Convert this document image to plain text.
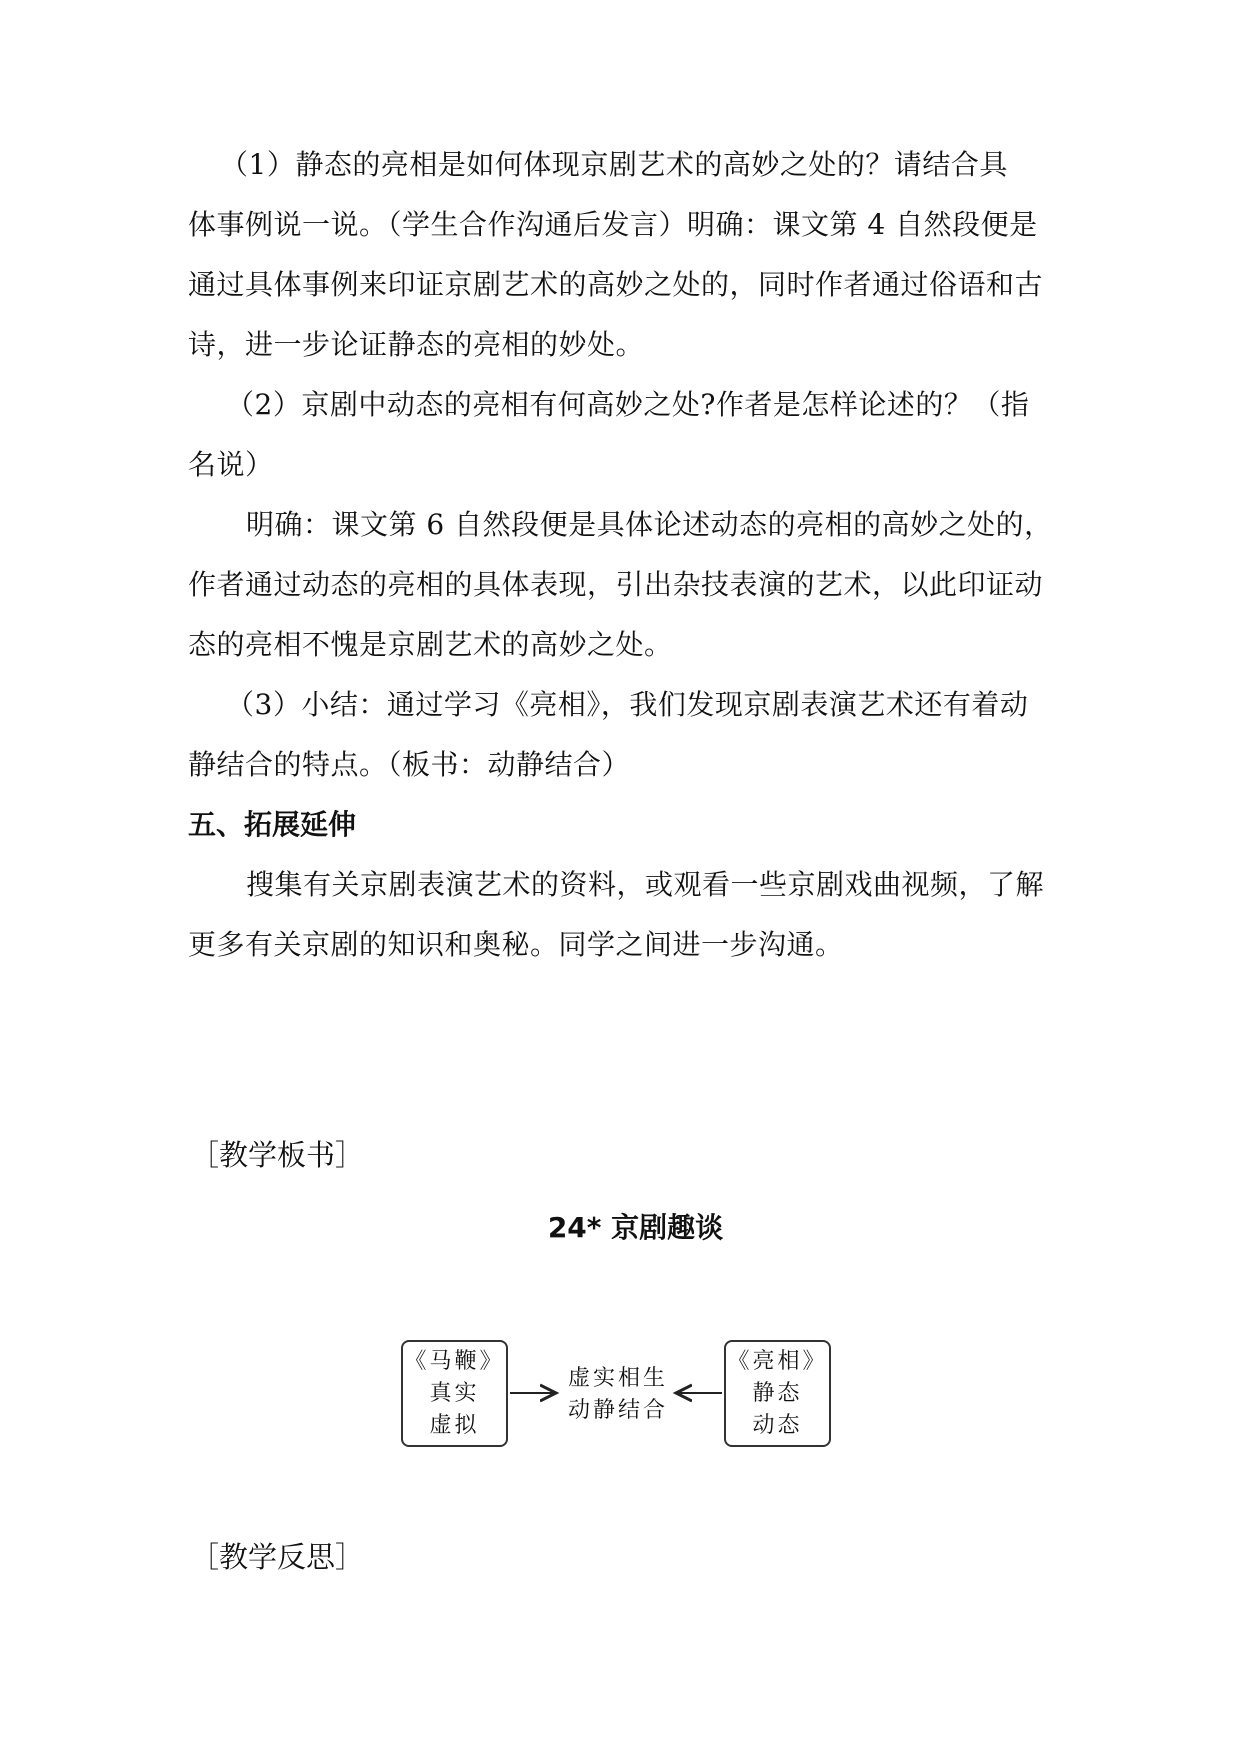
（1）静态的亮相是如何体现京剧艺术的高妙之处的？请结合具
体事例说一说。（学生合作沟通后发言）明确：课文第 4 自然段便是
通过具体事例来印证京剧艺术的高妙之处的，同时作者通过俗语和古
诗，进一步论证静态的亮相的妙处。
（2）京剧中动态的亮相有何高妙之处?作者是怎样论述的？（指
名说）
明确：课文第 6 自然段便是具体论述动态的亮相的高妙之处的，
作者通过动态的亮相的具体表现，引出杂技表演的艺术，以此印证动
态的亮相不愧是京剧艺术的高妙之处。
（3）小结：通过学习《亮相》，我们发现京剧表演艺术还有着动
静结合的特点。（板书：动静结合）
五、拓展延伸
搜集有关京剧表演艺术的资料，或观看一些京剧戏曲视频，了解
更多有关京剧的知识和奥秘。同学之间进一步沟通。
［教学板书］
24* 京剧趣谈
《马鞭》
真实
虚拟
虚实相生
动静结合
《亮相》
静态
动态
［教学反思］
